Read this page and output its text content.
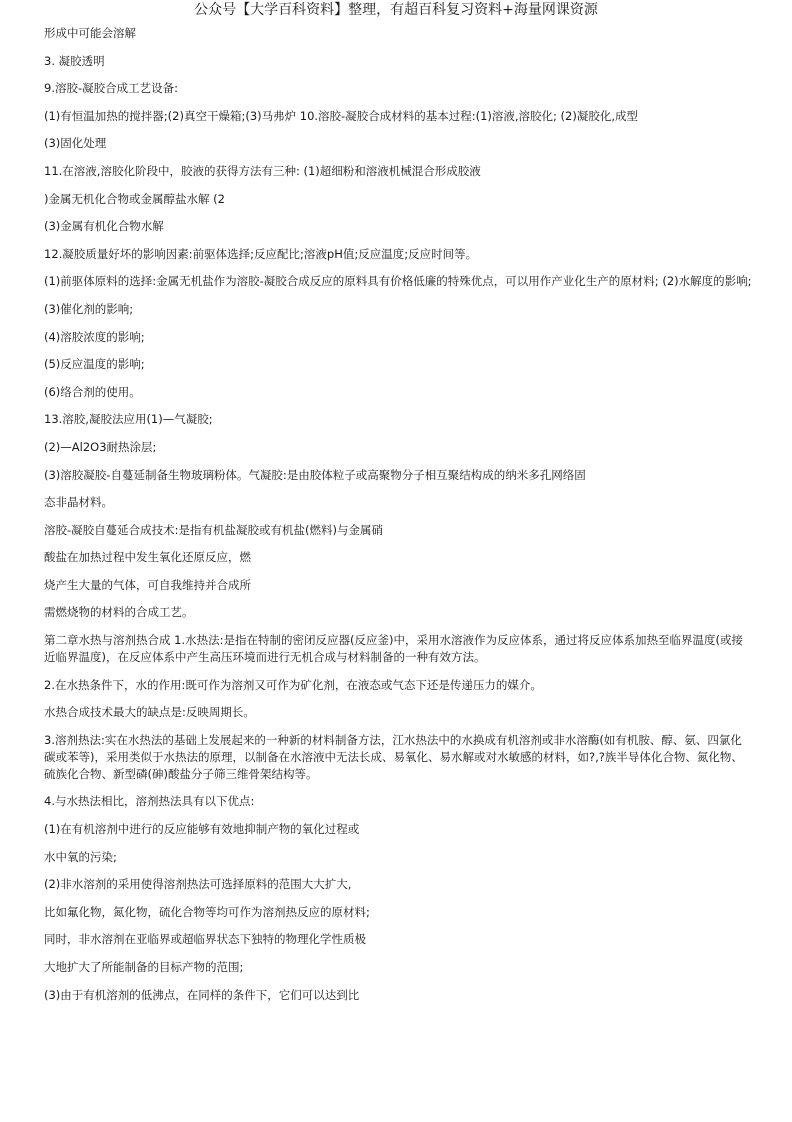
公众号【大学百科资料】整理，有超百科复习资料+海量网课资源

形成中可能会溶解

3. 凝胶透明

9.溶胶-凝胶合成工艺设备:

(1)有恒温加热的搅拌器;(2)真空干燥箱;(3)马弗炉 10.溶胶-凝胶合成材料的基本过程:(1)溶液,溶胶化; (2)凝胶化,成型

(3)固化处理

11.在溶液,溶胶化阶段中，胶液的获得方法有三种: (1)超细粉和溶液机械混合形成胶液

)金属无机化合物或金属醇盐水解 (2

(3)金属有机化合物水解

12.凝胶质量好坏的影响因素:前驱体选择;反应配比;溶液pH值;反应温度;反应时间等。

(1)前驱体原料的选择:金属无机盐作为溶胶-凝胶合成反应的原料具有价格低廉的特殊优点，可以用作产业化生产的原材料; (2)水解度的影响;

(3)催化剂的影响;

(4)溶胶浓度的影响;

(5)反应温度的影响;

(6)络合剂的使用。

13.溶胶,凝胶法应用(1)—气凝胶;

(2)—Al2O3耐热涂层;

(3)溶胶凝胶-自蔓延制备生物玻璃粉体。气凝胶:是由胶体粒子或高聚物分子相互聚结构成的纳米多孔网络固

态非晶材料。

溶胶-凝胶自蔓延合成技术:是指有机盐凝胶或有机盐(燃料)与金属硝

酸盐在加热过程中发生氧化还原反应，燃

烧产生大量的气体，可自我维持并合成所

需燃烧物的材料的合成工艺。

第二章水热与溶剂热合成 1.水热法:是指在特制的密闭反应器(反应釜)中，采用水溶液作为反应体系，通过将反应体系加热至临界温度(或接近临界温度)，在反应体系中产生高压环境而进行无机合成与材料制备的一种有效方法。

2.在水热条件下，水的作用:既可作为溶剂又可作为矿化剂，在液态或气态下还是传递压力的媒介。

水热合成技术最大的缺点是:反映周期长。

3.溶剂热法:实在水热法的基础上发展起来的一种新的材料制备方法，江水热法中的水换成有机溶剂或非水溶酶(如有机胺、醇、氨、四氯化碳或苯等)，采用类似于水热法的原理，以制备在水溶液中无法长成、易氧化、易水解或对水敏感的材料，如?,?族半导体化合物、氮化物、硫族化合物、新型磷(砷)酸盐分子筛三维骨架结构等。

4.与水热法相比，溶剂热法具有以下优点:

(1)在有机溶剂中进行的反应能够有效地抑制产物的氧化过程或

水中氧的污染;

(2)非水溶剂的采用使得溶剂热法可选择原料的范围大大扩大,

比如氟化物，氮化物，硫化合物等均可作为溶剂热反应的原材料;

同时，非水溶剂在亚临界或超临界状态下独特的物理化学性质极

大地扩大了所能制备的目标产物的范围;

(3)由于有机溶剂的低沸点，在同样的条件下，它们可以达到比
